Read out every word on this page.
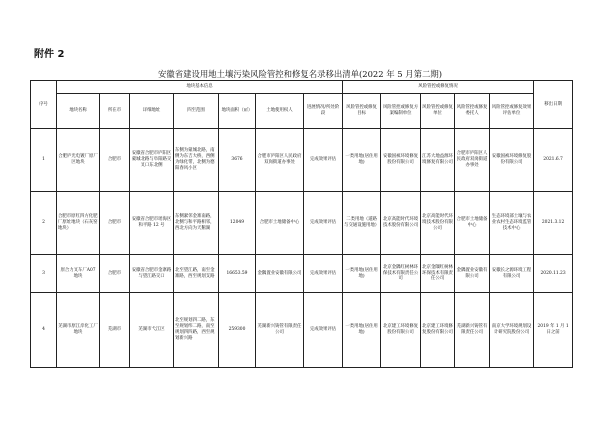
附件 2
安徽省建设用地土壤污染风险管控和修复名录移出清单(2022 年 5 月第二期)
序号	地块基本信息							风险管控或修复情况					移出日期
	地块名称	所在市	详细地址	四至范围	地块面积（㎡）	土地使用权人	进展情况/所处阶段	风险管控或修复目标	风险管控或修复方案编制单位	风险管控或修复单位	风险管控或修复委托人	风险管控或修复效果评估单位	
1	合肥庐光电镀厂原厂区地块	合肥市	安徽省合肥市庐阳区蒙城北路与阜阳路交叉口东北侧	东侧为蒙城北路，南侧为东吉大桥，西侧为绿化带，北侧为德阳春风小区	3676	合肥市庐阳区人民政府双岗街道办事处	完成效果评估	一类用地(居住用地)	安徽国祯环境修复股份有限公司	江苏大地益源环境修复有限公司	合肥市庐阳区人民政府双岗街道办事处	安徽国祯环境修复股份有限公司	2021.6.7
2	合肥市原红四方化肥厂原址地块（石灰窑地块）	合肥市	安徽省合肥市瑶海区和平路 12 号	东侧紧邻金寨南路，北侧与和平路相邻，西北方向为天鹅湖	12049	合肥市土地储备中心	完成效果评估	二类用地（道路与交通设施用地）	北京高能时代环境技术股份有限公司	北京高能时代环境技术股份有限公司	合肥市土地储备中心	生态环境部土壤与农业农村生态环境监管技术中心	2021.3.12
3	原合力叉车厂A07 地块	合肥市	安徽省合肥市金寨路与望江路交口	北至望江路，南至金寨路，西至规划支路	16653.59	金隅置业安徽有限公司	完成效果评估	一类用地(居住用地)	北京金隅红树林环保技术有限责任公司	北京金隅红树林环保技术有限责任公司	金隅置业安徽有限公司	安徽长之源环境工程有限公司	2020.11.23
4	芜湖市原江岸化工厂地块	芜湖市	芜湖市弋江区	北至规划四二路，东至规划纬二路，南至规划四四路，西至规划新兴路	259300	芜湖新兴铸管有限责任公司	完成效果评估	一类用地(居住用地)	北京建工环境修复股份有限公司	北京建工环境修复股份有限公司	芜湖新兴铸管有限责任公司	南京大学环境规划设计研究院股份公司	2019 年 1 月 1 日之前
